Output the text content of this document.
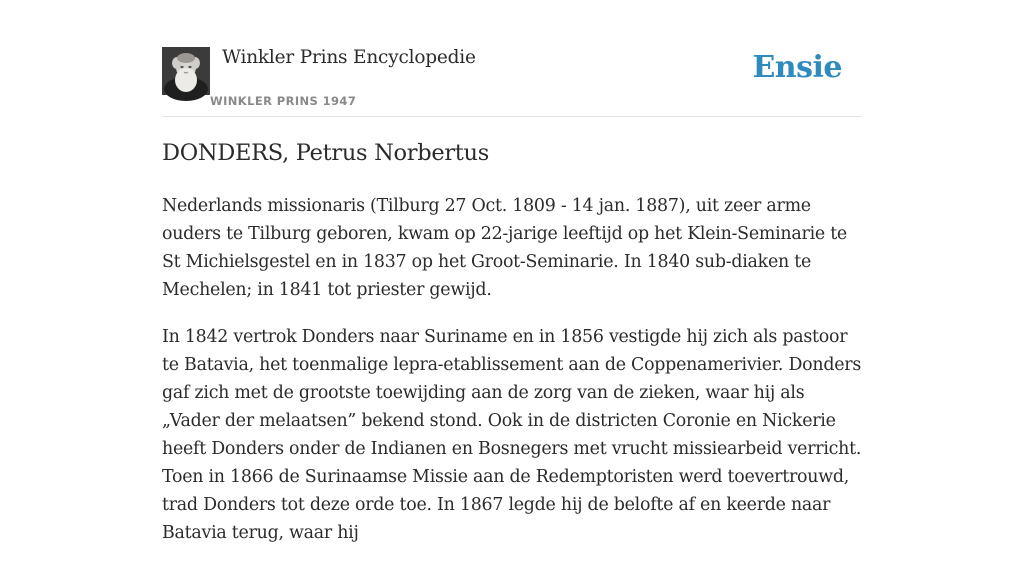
Winkler Prins Encyclopedie
WINKLER PRINS 1947
Ensie
DONDERS, Petrus Norbertus

Nederlands missionaris (Tilburg 27 Oct. 1809 - 14 jan. 1887), uit zeer arme ouders te Tilburg geboren, kwam op 22-jarige leeftijd op het Klein-Seminarie te St Michielsgestel en in 1837 op het Groot-Seminarie. In 1840 sub-diaken te Mechelen; in 1841 tot priester gewijd.

In 1842 vertrok Donders naar Suriname en in 1856 vestigde hij zich als pastoor te Batavia, het toenmalige lepra-etablissement aan de Coppenamerivier. Donders gaf zich met de grootste toewijding aan de zorg van de zieken, waar hij als „Vader der melaatsen” bekend stond. Ook in de districten Coronie en Nickerie heeft Donders onder de Indianen en Bosnegers met vrucht missiearbeid verricht. Toen in 1866 de Surinaamse Missie aan de Redemptoristen werd toevertrouwd, trad Donders tot deze orde toe. In 1867 legde hij de belofte af en keerde naar Batavia terug, waar hij
